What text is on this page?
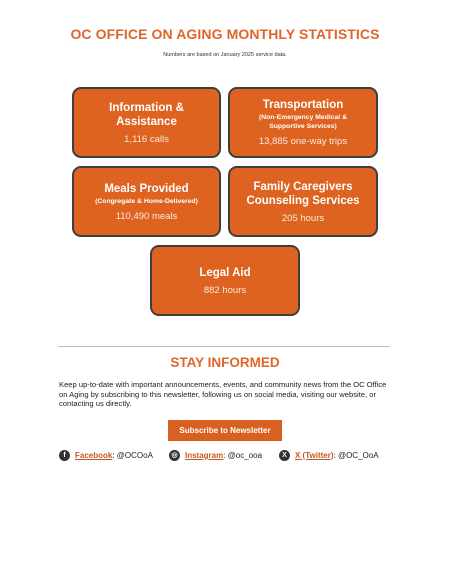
OC OFFICE ON AGING MONTHLY STATISTICS
Numbers are based on January 2025 service data.
Information &
Assistance
1,116 calls
Transportation
(Non-Emergency Medical &
Supportive Services)
13,885 one-way trips
Meals Provided
(Congregate & Home-Delivered)
110,490 meals
Family Caregivers
Counseling Services
205 hours
Legal Aid
882 hours
STAY INFORMED
Keep up-to-date with important announcements, events, and community news from the OC Office on Aging by subscribing to this newsletter, following us on social media, visiting our website, or contacting us directly.
Subscribe to Newsletter
f	Facebook : @OCOoA	◎ Instagram : @oc_ooa	X	X (Twitter) : @OC_OoA
